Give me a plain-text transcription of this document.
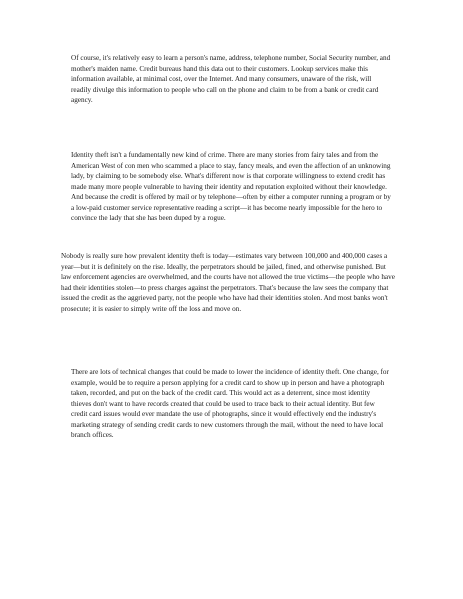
Of course, it's relatively easy to learn a person's name, address, telephone number, Social Security number, and mother's maiden name. Credit bureaus hand this data out to their customers. Lookup services make this information available, at minimal cost, over the Internet. And many consumers, unaware of the risk, will readily divulge this information to people who call on the phone and claim to be from a bank or credit card agency.

Identity theft isn't a fundamentally new kind of crime. There are many stories from fairy tales and from the American West of con men who scammed a place to stay, fancy meals, and even the affection of an unknowing lady, by claiming to be somebody else. What's different now is that corporate willingness to extend credit has made many more people vulnerable to having their identity and reputation exploited without their knowledge. And because the credit is offered by mail or by telephone—often by either a computer running a program or by a low-paid customer service representative reading a script—it has become nearly impossible for the hero to convince the lady that she has been duped by a rogue.

Nobody is really sure how prevalent identity theft is today—estimates vary between 100,000 and 400,000 cases a year—but it is definitely on the rise. Ideally, the perpetrators should be jailed, fined, and otherwise punished. But law enforcement agencies are overwhelmed, and the courts have not allowed the true victims—the people who have had their identities stolen—to press charges against the perpetrators. That's because the law sees the company that issued the credit as the aggrieved party, not the people who have had their identities stolen. And most banks won't prosecute; it is easier to simply write off the loss and move on.

There are lots of technical changes that could be made to lower the incidence of identity theft. One change, for example, would be to require a person applying for a credit card to show up in person and have a photograph taken, recorded, and put on the back of the credit card. This would act as a deterrent, since most identity thieves don't want to have records created that could be used to trace back to their actual identity. But few credit card issues would ever mandate the use of photographs, since it would effectively end the industry's marketing strategy of sending credit cards to new customers through the mail, without the need to have local branch offices.
